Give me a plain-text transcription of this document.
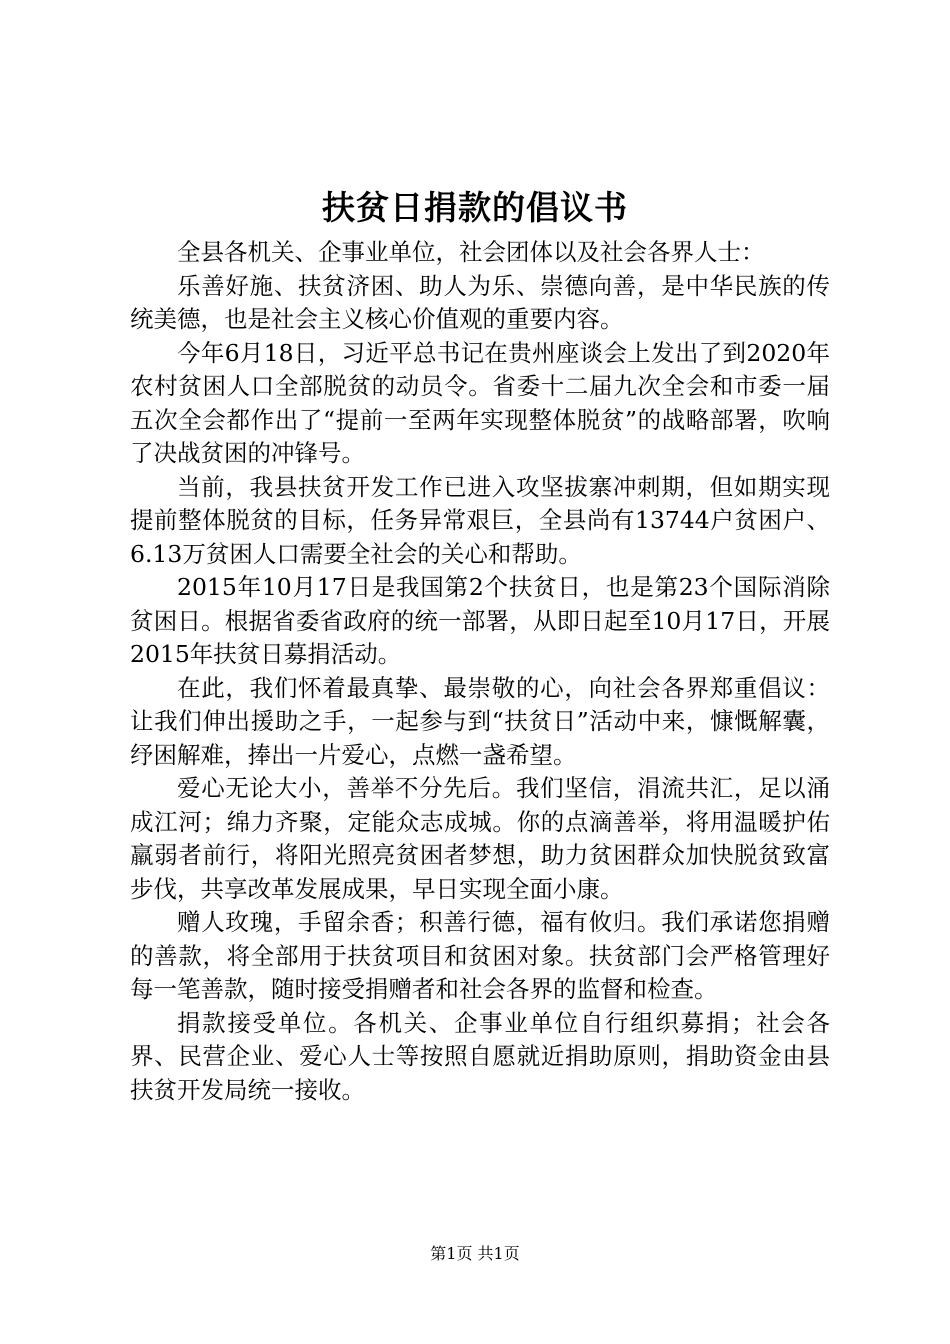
扶贫日捐款的倡议书

全县各机关、企事业单位，社会团体以及社会各界人士：

乐善好施、扶贫济困、助人为乐、崇德向善，是中华民族的传统美德，也是社会主义核心价值观的重要内容。

今年6月18日，习近平总书记在贵州座谈会上发出了到2020年农村贫困人口全部脱贫的动员令。省委十二届九次全会和市委一届五次全会都作出了“提前一至两年实现整体脱贫”的战略部署，吹响了决战贫困的冲锋号。

当前，我县扶贫开发工作已进入攻坚拔寨冲刺期，但如期实现提前整体脱贫的目标，任务异常艰巨，全县尚有13744户贫困户、6.13万贫困人口需要全社会的关心和帮助。

2015年10月17日是我国第2个扶贫日，也是第23个国际消除贫困日。根据省委省政府的统一部署，从即日起至10月17日，开展2015年扶贫日募捐活动。

在此，我们怀着最真挚、最崇敬的心，向社会各界郑重倡议：让我们伸出援助之手，一起参与到“扶贫日”活动中来，慷慨解囊，纾困解难，捧出一片爱心，点燃一盏希望。

爱心无论大小，善举不分先后。我们坚信，涓流共汇，足以涌成江河；绵力齐聚，定能众志成城。你的点滴善举，将用温暖护佑羸弱者前行，将阳光照亮贫困者梦想，助力贫困群众加快脱贫致富步伐，共享改革发展成果，早日实现全面小康。

赠人玫瑰，手留余香；积善行德，福有攸归。我们承诺您捐赠的善款，将全部用于扶贫项目和贫困对象。扶贫部门会严格管理好每一笔善款，随时接受捐赠者和社会各界的监督和检查。

捐款接受单位。各机关、企事业单位自行组织募捐；社会各界、民营企业、爱心人士等按照自愿就近捐助原则，捐助资金由县扶贫开发局统一接收。

第1页 共1页
